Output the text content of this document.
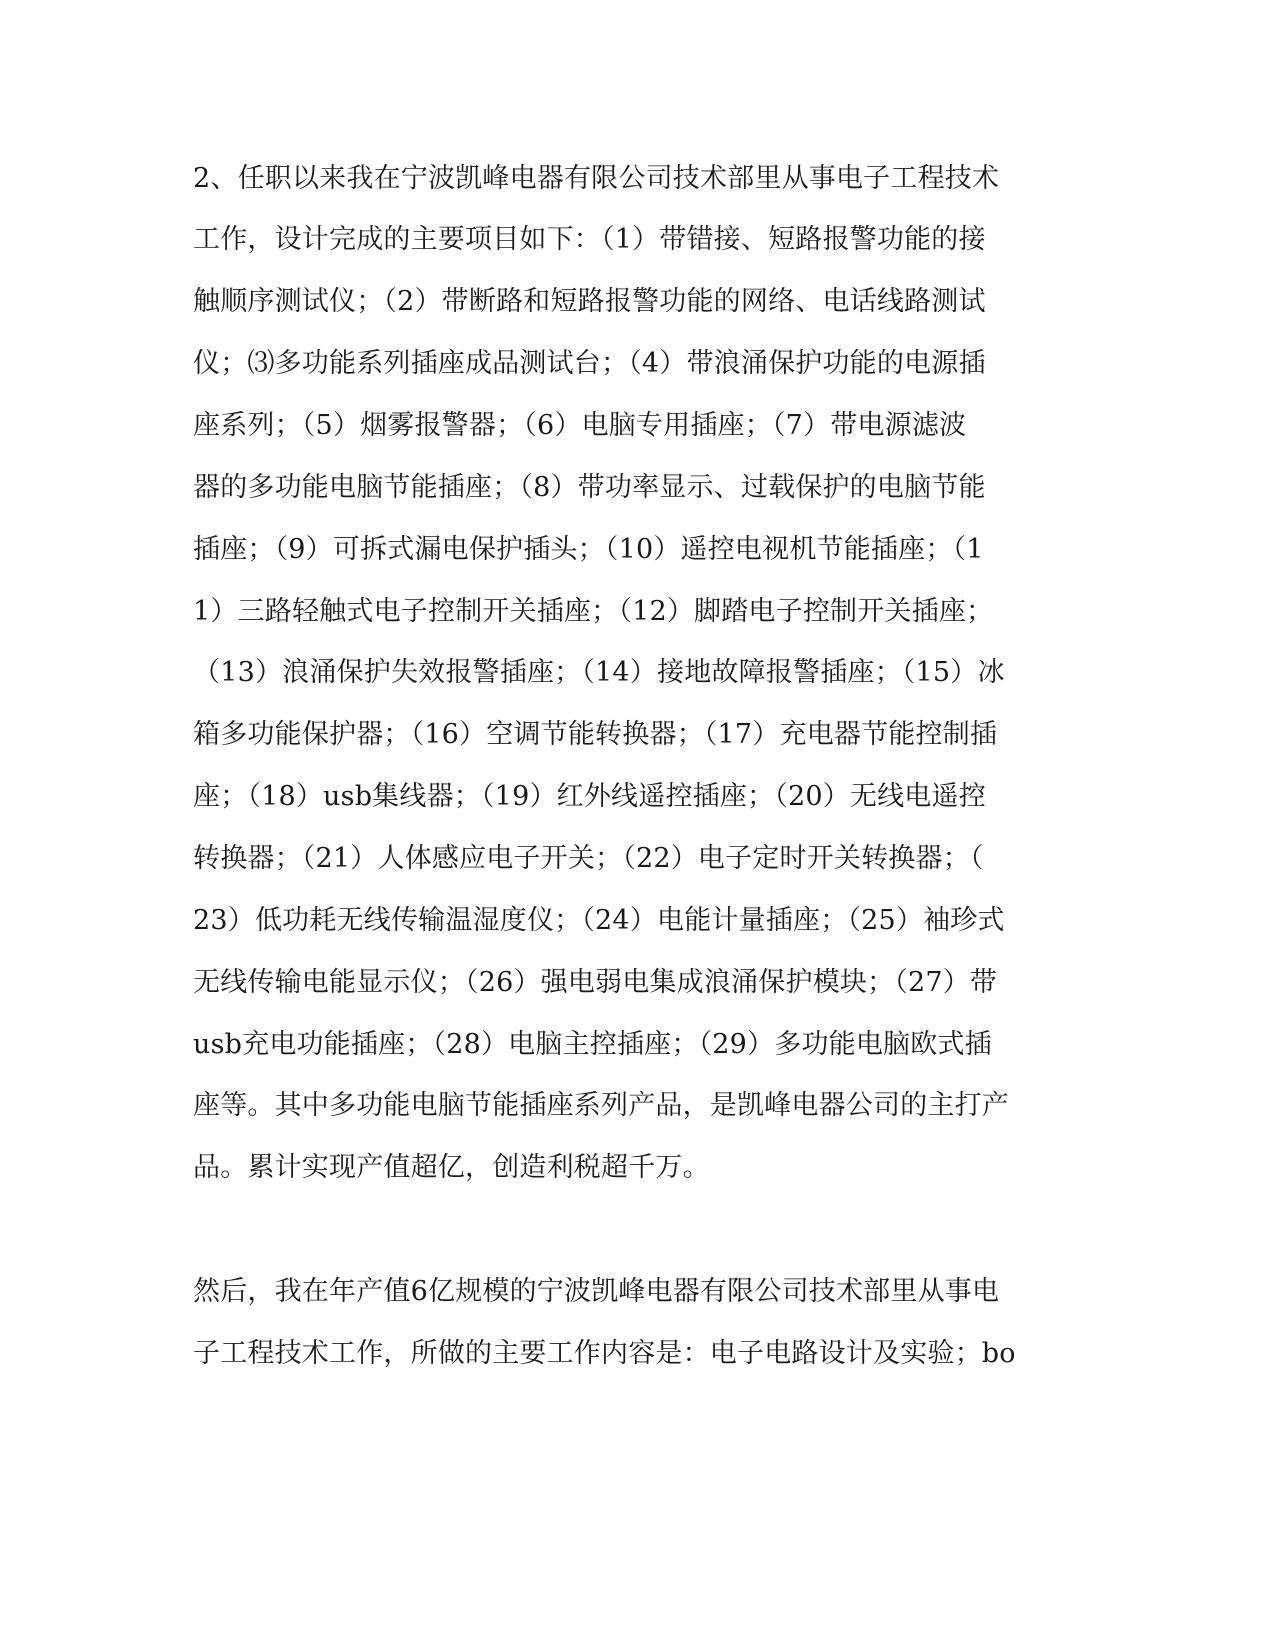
2、任职以来我在宁波凯峰电器有限公司技术部里从事电子工程技术
工作，设计完成的主要项目如下：（1）带错接、短路报警功能的接
触顺序测试仪；（2）带断路和短路报警功能的网络、电话线路测试
仪；⑶多功能系列插座成品测试台；（4）带浪涌保护功能的电源插
座系列；（5）烟雾报警器；（6）电脑专用插座；（7）带电源滤波
器的多功能电脑节能插座；（8）带功率显示、过载保护的电脑节能
插座；（9）可拆式漏电保护插头；（10）遥控电视机节能插座；（1
1）三路轻触式电子控制开关插座；（12）脚踏电子控制开关插座；
（13）浪涌保护失效报警插座；（14）接地故障报警插座；（15）冰
箱多功能保护器；（16）空调节能转换器；（17）充电器节能控制插
座；（18）usb集线器；（19）红外线遥控插座；（20）无线电遥控
转换器；（21）人体感应电子开关；（22）电子定时开关转换器；（
23）低功耗无线传输温湿度仪；（24）电能计量插座；（25）袖珍式
无线传输电能显示仪；（26）强电弱电集成浪涌保护模块；（27）带
usb充电功能插座；（28）电脑主控插座；（29）多功能电脑欧式插
座等。其中多功能电脑节能插座系列产品，是凯峰电器公司的主打产
品。累计实现产值超亿，创造利税超千万。
然后，我在年产值6亿规模的宁波凯峰电器有限公司技术部里从事电
子工程技术工作，所做的主要工作内容是：电子电路设计及实验；bo
